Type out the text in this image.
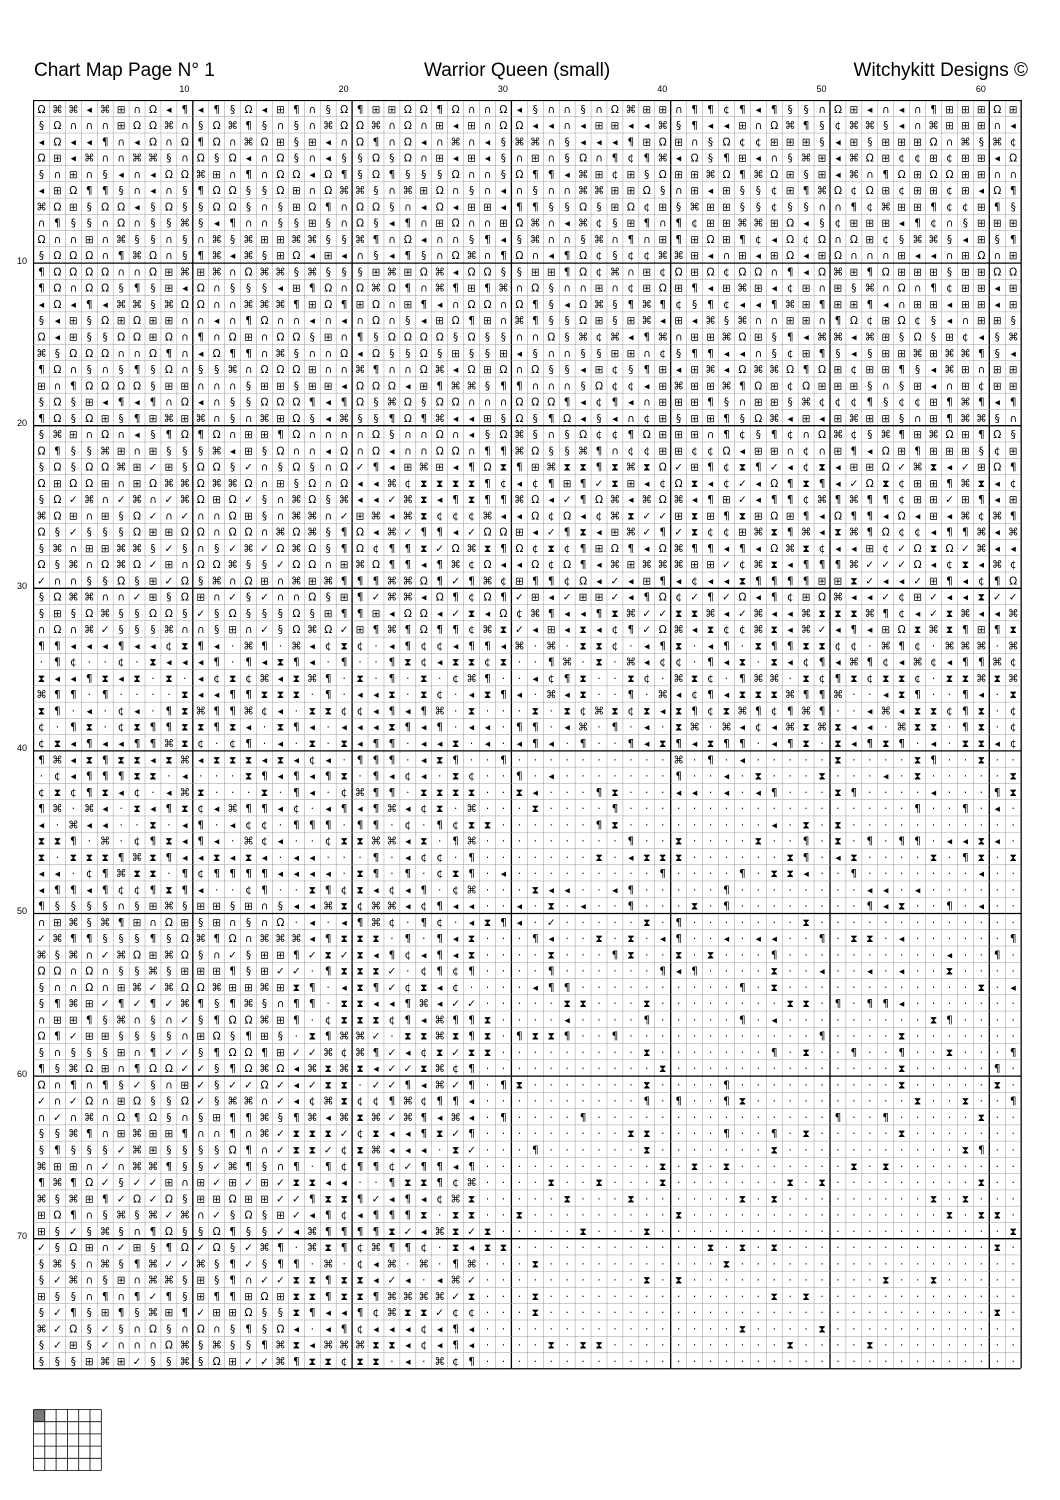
Chart Map Page N° 1	Warrior Queen (small)	Witchykitt Designs ©
10	20	30	40	50	60
10
20
30
40
50
60
70
Ω ⌘ ⌘ ◂ ⌘ ⊞ ∩ Ω ◂ ¶ ◂ ¶ § Ω ◂ ⊞ ¶ ∩ § Ω ¶ ⊞ ⊞ Ω Ω ¶ Ω ∩ ∩ Ω ◂ § ∩ ∩ § ∩ Ω ⌘ ⊞ ⊞ ∩ ¶ ¶ ¢ ¶ ◂ ¶ § § ∩ Ω ⊞ ◂ ∩ ◂ ∩ ¶ ⊞ ⊞ ⊞ Ω ⊞
§ Ω ∩ ∩ ∩ ⊞ Ω Ω ⌘ ∩ § Ω ⌘ ¶ § ∩ § ∩ ⌘ Ω Ω ⌘ ∩ Ω ∩ ⊞ ◂ ⊞ ∩ Ω Ω ◂ ◂ ∩ ◂ ⊞ ⊞ ◂ ◂ ⌘ § ¶ ◂ ◂ ⊞ ∩ Ω ⌘ ¶ § ¢ ⌘ ⌘ § ◂ ∩ ⌘ ⊞ ⊞ ⊞ ∩ ◂
◂ Ω ◂ ◂ ¶ ∩ ◂ Ω ∩ Ω ¶ Ω ∩ ⌘ Ω ⊞ § ⊞ ◂ ∩ Ω ¶ ∩ Ω ◂ ∩ ⌘ ∩ ◂ § ⌘ ⌘ ∩ § ◂ ◂ ◂ ¶ ⊞ Ω ⊞ ∩ § Ω ¢ ¢ ⊞ ⊞ ⊞ § ◂ ⊞ § ⊞ ⊞ ⊞ Ω ∩ ⌘ § ⌘ ¢
Ω ⊞ ◂ ⌘ ∩ ∩ ⌘ ⌘ § ∩ Ω § Ω ◂ ∩ Ω § ∩ ◂ § § Ω § Ω ∩ ⊞ ◂ ⊞ ◂ § ∩ ⊞ ∩ § Ω ∩ ¶ ¢ ¶ ⌘ ◂ Ω § ¶ ⊞ ◂ ∩ § ⌘ ⊞ ◂ ⌘ Ω ⊞ ¢ ¢ ⊞ ¢ ⊞ ⊞ ◂ Ω
§ ∩ ⊞ ∩ § ◂ ∩ ◂ Ω Ω ⌘ ⊞ ∩ ¶ ∩ Ω Ω ◂ Ω ¶ § Ω ¶ § § § Ω ∩ ∩ § Ω ¶ ¶ ◂ ⌘ ⊞ ¢ ⊞ § Ω ⊞ ⊞ ⌘ Ω ¶ ⌘ Ω ⊞ § ⊞ ◂ ⌘ ∩ ¶ Ω ⊞ Ω Ω ⊞ ⊞ ∩ ∩
◂ ⊞ Ω ¶ ¶ § ∩ ◂ ∩ § ¶ Ω Ω § § Ω ⊞ ∩ Ω ⌘ ⌘ § ∩ ⌘ ⊞ Ω ∩ § ∩ ◂ ∩ § ∩ ∩ ⌘ ⌘ ⊞ ⊞ Ω § ∩ ⊞ ◂ ⊞ § § ¢ ⊞ ¶ ⌘ Ω ¢ Ω ⊞ ¢ ⊞ ⊞ ¢ ⊞ ◂ Ω ¶
⌘ Ω ⊞ § Ω Ω ◂ § Ω § § Ω Ω § ∩ § ⊞ Ω ¶ ∩ Ω Ω § ∩ ◂ Ω ◂ ⊞ ⊞ ◂ ¶ ¶ § § Ω § ⊞ Ω ¢ ⊞ § ⌘ ⊞ ⊞ § § ¢ § § ∩ ∩ ¶ ¢ ⌘ ⊞ ⊞ ¶ ¢ ¢ ⊞ ¶ §
∩ ¶ § § ∩ Ω ∩ § § ⌘ § ◂ ¶ ∩ ∩ § § ⊞ § ∩ Ω § ◂ ¶ ∩ ⊞ Ω ∩ ∩ ⊞ Ω ⌘ ∩ ◂ ⌘ ¢ § ⊞ ¶ ∩ ¶ ¢ ⊞ ⊞ ⌘ ⌘ ⊞ Ω ◂ § ¢ ⊞ ⊞ ⊞ ◂ ¶ ¢ ∩ § ⊞ ⊞ ⊞
Ω ∩ ∩ ⊞ ∩ ⌘ § § ∩ § ∩ ⌘ § ⌘ ⊞ ⊞ ⌘ ⌘ § § ⌘ ¶ ∩ Ω ◂ ∩ ∩ § ¶ ◂ § ⌘ ∩ ∩ § ⌘ ∩ ¶ ∩ ⊞ ¶ ⊞ Ω ⊞ ¶ ¢ ◂ Ω ¢ Ω ∩ Ω ⊞ ¢ § ⌘ ⌘ § ◂ ⊞ § ¶
§ Ω Ω Ω ∩ ¶ ⌘ Ω ∩ § ¶ ⌘ ◂ ⌘ § ⊞ Ω ◂ ⊞ ◂ ∩ § ◂ ¶ § ∩ Ω ⌘ ∩ ¶ Ω ∩ ◂ ¶ Ω ¢ § ¢ ¢ ⌘ ⌘ ⊞ ◂ ∩ ⊞ ◂ ⊞ Ω ◂ ⊞ Ω ∩ ∩ ∩ ⊞ ◂ ◂ ∩ ⊞ Ω ∩ ⊞
¶ Ω Ω Ω Ω ∩ ∩ Ω ⊞ ⌘ ⊞ ⌘ ∩ Ω ⌘ ⌘ § ⌘ § § § ⊞ ⌘ ⊞ Ω ⌘ ◂ Ω Ω § § ⊞ ⊞ ¶ Ω ¢ ⌘ ∩ ⊞ ¢ Ω ⊞ Ω ¢ Ω Ω ∩ ¶ ◂ Ω ⌘ ⊞ ¶ Ω ⊞ ⊞ ⊞ § ⊞ ⊞ Ω Ω
¶ Ω ∩ Ω Ω § ¶ § ⊞ ◂ Ω ∩ § § § ◂ ⊞ ¶ Ω ∩ Ω ⌘ Ω ¶ ∩ ⌘ ¶ ⊞ ¶ ⌘ ∩ Ω § ∩ ∩ ⊞ ∩ ¢ ⊞ Ω ⊞ ¶ ◂ ⊞ ⌘ ⊞ ◂ ¢ ⊞ ∩ ⊞ § ⌘ ∩ Ω ∩ ¶ ¢ ⊞ ⊞ ◂ ⊞
◂ Ω ◂ ¶ ◂ ⌘ ⌘ § ⌘ Ω Ω ∩ ∩ ⌘ ⌘ ⌘ ¶ ⊞ Ω ¶ ⊞ Ω ∩ ⊞ ¶ ◂ ∩ Ω Ω ∩ Ω ¶ § ◂ Ω ⌘ § ¶ ⌘ ¶ ¢ § ¶ ¢ ◂ ◂ ¶ ⌘ ⊞ ¶ ⊞ ⊞ ¶ ◂ ∩ ⊞ ⊞ ◂ ⊞ ⊞ ◂ ⊞
§ ◂ ⊞ § Ω ⊞ Ω ⊞ ⊞ ∩ ∩ ◂ ∩ ¶ Ω ∩ ∩ ◂ ∩ ◂ ∩ Ω ∩ § ◂ ⊞ Ω ¶ ⊞ ∩ ⌘ ¶ § § Ω ⊞ § ⊞ ⌘ ◂ ⊞ ◂ ⌘ § ⌘ ∩ ∩ ⊞ ⊞ ∩ ¶ Ω ¢ ⊞ Ω ¢ § ◂ ∩ ⊞ ⊞ §
Ω ◂ ⊞ § § Ω Ω ⊞ Ω ∩ ¶ ∩ Ω ⊞ ∩ Ω Ω § ⊞ ∩ ¶ § Ω Ω Ω Ω § Ω § § ∩ ∩ Ω § ⌘ ¢ ⌘ ◂ ¶ ⌘ ∩ ⊞ ⊞ ⌘ Ω ⊞ § ¶ ◂ ⌘ ⌘ ◂ ⌘ ⊞ § Ω § ⊞ ¢ ◂ § ⌘
⌘ § Ω Ω Ω ∩ ∩ Ω ¶ ∩ ◂ Ω ¶ ¶ ∩ ⌘ § ∩ ∩ Ω ◂ Ω § § Ω § ⊞ § § ⊞ ◂ § ∩ ∩ § § ⊞ ⊞ ∩ ¢ § ¶ ¶ ◂ ◂ ∩ § ¢ ⊞ ¶ § ◂ § ⊞ ⊞ ⌘ ⊞ ⌘ ⌘ ¶ § ◂
¶ Ω ∩ § ∩ § ¶ § Ω ∩ § § ⌘ ∩ Ω Ω Ω ⊞ ∩ ∩ ⌘ ¶ ∩ ∩ Ω ⌘ ◂ Ω ⊞ Ω ∩ Ω § § ◂ ⊞ ¢ § ¶ ⊞ ◂ ⊞ ⌘ ◂ Ω ⌘ ⌘ Ω ¶ Ω ⊞ ¢ ⊞ ⊞ ¶ § ◂ ⌘ ⊞ ∩ ⊞ ⊞
⊞ ∩ ¶ Ω Ω Ω Ω § ⊞ ⊞ ∩ ∩ ∩ § ⊞ ⊞ § ⊞ ⊞ ◂ Ω Ω Ω ◂ ⊞ ¶ ⌘ ⌘ § ¶ ¶ ∩ ∩ ∩ § Ω ¢ ¢ ◂ ⊞ ⌘ ⊞ ⊞ ⌘ ¶ Ω ⊞ ¢ Ω ⊞ ⊞ ⊞ § ∩ § ⊞ ◂ ∩ ⊞ ¢ ⊞ ⊞
§ Ω § ⊞ ◂ ¶ ◂ ¶ ∩ Ω ◂ ∩ § § Ω Ω Ω ¶ ◂ ¶ Ω § ⌘ Ω § Ω Ω ∩ ∩ ∩ Ω Ω Ω ¶ ◂ ¢ ¶ ◂ ∩ ⊞ ⊞ ⊞ ¶ § ∩ ⊞ ⊞ § ⌘ ¢ ¢ ¢ ¶ § ¢ ¢ ⊞ ¶ ⌘ ¶ ◂ ¶
¶ Ω § Ω ⊞ § ¶ ⊞ ⌘ ⊞ ⌘ ∩ § ∩ ⌘ ⊞ Ω § ◂ ⌘ § § ¶ Ω ¶ ⌘ ◂ ◂ ⊞ § Ω § ¶ Ω ◂ § ◂ ∩ ¢ ⊞ § ⊞ ⊞ ¶ § Ω ⌘ ◂ ⊞ ◂ ⊞ ⌘ ⊞ ⊞ § ∩ ⊞ ¶ ⌘ ⌘ § ∩
§ ⌘ ⊞ ∩ Ω ∩ ◂ § ¶ Ω ¶ Ω ∩ ⊞ ⊞ ¶ Ω ∩ ∩ ∩ ∩ Ω § ∩ ∩ Ω ∩ ◂ § Ω ⌘ § ∩ § Ω ¢ ¢ ¶ Ω ⊞ ⊞ ⊞ ∩ ¶ ¢ § ¶ ¢ ∩ Ω ⌘ ¢ § ⌘ ¶ ⊞ ⌘ Ω ⊞ ¶ Ω §
Ω ¶ § § ⌘ ⊞ ∩ ⊞ § § § ⌘ ◂ ⊞ § Ω ∩ ∩ ◂ Ω ∩ Ω ◂ ∩ ∩ Ω Ω ∩ ¶ ¶ ⌘ Ω § § ⌘ ¶ ∩ ¢ ¢ ⊞ ⊞ ¢ ¢ Ω ◂ ⊞ ⊞ ∩ ¢ ∩ ⊞ ¶ ◂ Ω ⊞ ¶ ⊞ ⊞ ⊞ § ¢ ⊞
§ Ω § Ω Ω ⌘ ⊞ ✓ ⊞ § Ω Ω § ✓ ∩ § Ω § ∩ Ω ✓ ¶ ◂ ⊞ ⌘ ⊞ ◂ ¶ Ω ⧗ ¶ ⊞ ⌘ ⧗ ⧗ ¶ ⧗ ⌘ ⧗ Ω ✓ ⊞ ¶ ¢ ⧗ ¶ ✓ ◂ ¢ ⧗ ◂ ⊞ ⊞ Ω ✓ ⌘ ⧗ ◂ ✓ ⊞ Ω ¶
Ω ⊞ Ω Ω ⊞ ∩ ⊞ Ω ⌘ ⌘ Ω ⌘ ⌘ Ω ∩ ⊞ § Ω ∩ Ω ◂ ◂ ⌘ ¢ ⧗ ⧗ ⧗ ⧗ ¶ ¢ ◂ ¢ ¶ ⊞ ¶ ✓ ⧗ ⊞ ◂ ¢ Ω ⧗ ◂ ¢ ✓ ◂ Ω ¶ ⧗ ¶ ◂ ✓ Ω ⧗ ¢ ⊞ ⊞ ¶ ⌘ ⧗ ◂ ¢
§ Ω ✓ ⌘ ∩ ✓ ⌘ ∩ ✓ ⌘ Ω ⊞ Ω ✓ § ∩ ⌘ Ω § ⌘ ◂ ◂ ✓ ⌘ ⧗ ◂ ¶ ⧗ ¶ ¶ ⌘ Ω ◂ ✓ ¶ Ω ⌘ ◂ ⌘ Ω ⌘ ◂ ¶ ⊞ ✓ ◂ ¶ ¶ ¢ ⌘ ¶ ⌘ ¶ ¶ ¢ ⊞ ⊞ ✓ ⊞ ¶ ◂ ⊞
⌘ Ω ⊞ ∩ ⊞ § Ω ✓ ∩ ✓ ∩ ∩ Ω ⊞ § ∩ ⌘ ⌘ ∩ ✓ ⊞ ⌘ ◂ ⌘ ⧗ ¢ ¢ ¢ ⌘ ◂ ◂ Ω ¢ Ω ◂ ¢ ⌘ ⧗ ✓ ✓ ⊞ ⧗ ⊞ ¶ ⧗ ⊞ Ω ⊞ ¶ ◂ Ω ¶ ¶ ◂ Ω ◂ ⊞ ◂ ⌘ ¢ ⌘ ¶
Ω § ✓ § § § Ω ⊞ ⊞ Ω Ω ∩ Ω Ω ∩ ⌘ Ω ⌘ § ¶ Ω ◂ ⌘ ✓ ¶ ¶ ◂ ✓ Ω Ω ⊞ ◂ ✓ ¶ ⧗ ◂ ⊞ ⌘ ✓ ¶ ✓ ⧗ ¢ ¢ ⊞ ⌘ ⧗ ¶ ⌘ ◂ ⧗ ⌘ ¶ Ω ¢ ¢ ◂ ¶ ¶ ⌘ ◂ ⌘
§ ⌘ ∩ ⊞ ⊞ ⌘ ⌘ § ✓ § ∩ § ✓ ⌘ ✓ Ω ⌘ Ω § ¶ Ω ¢ ¶ ¶ ⧗ ✓ Ω ⌘ ⧗ ¶ Ω ¢ ⧗ ¢ ¶ ⊞ Ω ¶ ◂ Ω ⌘ ¶ ¶ ◂ ¶ ◂ Ω ⌘ ⧗ ¢ ◂ ◂ ⊞ ¢ ✓ Ω ⧗ Ω ✓ ⌘ ◂ ◂
Ω § ⌘ ∩ Ω ⌘ Ω ✓ ⊞ ∩ Ω Ω ⌘ § § ✓ Ω Ω ∩ ⊞ ⌘ Ω ¶ ¶ ◂ ¶ ⌘ ¢ Ω ◂ ◂ Ω ¢ Ω ¶ ◂ ⌘ ⊞ ⌘ ⌘ ⌘ ⊞ ⊞ ✓ ¢ ⌘ ⧗ ◂ ¶ ¶ ¶ ⌘ ✓ ✓ ✓ Ω ◂ ¢ ⧗ ◂ ⌘ ¢
✓ ∩ ∩ § § Ω § ⊞ ✓ Ω § ⌘ ∩ Ω ⊞ ∩ ⌘ ⊞ ⌘ ¶ ¶ ¶ ⌘ ⌘ Ω ¶ ✓ ¶ ⌘ ¢ ⊞ ¶ ¶ ¢ Ω ◂ ✓ ◂ ⊞ ¶ ◂ ¢ ◂ ◂ ⧗ ¶ ¶ ¶ ¶ ⊞ ⊞ ⧗ ✓ ◂ ◂ ✓ ⊞ ¶ ◂ ¢ ¶ Ω
§ Ω ⌘ ⌘ ∩ ∩ ✓ ⊞ § Ω ⊞ ∩ ✓ § ✓ ∩ ∩ Ω § ⊞ ¶ ✓ ⌘ ⌘ ◂ Ω ¶ ¢ Ω ¶ ✓ ⊞ ◂ ✓ ⊞ ⊞ ✓ ◂ ¶ Ω ¢ ✓ ¶ ✓ Ω ◂ ¶ ¢ ⊞ Ω ⌘ ◂ ◂ ✓ ¢ ⊞ ✓ ◂ ◂ ⧗ ✓ ✓
§ ⊞ § Ω ⌘ § § Ω Ω § ✓ § Ω § § § Ω § ⊞ ¶ ¶ ⊞ ◂ Ω Ω ◂ ✓ ⧗ ◂ Ω ¢ ⌘ ¶ ◂ ◂ ¶ ⧗ ⌘ ✓ ✓ ⧗ ⧗ ⌘ ◂ ✓ ⌘ ◂ ◂ ⌘ ⧗ ⧗ ⧗ ⌘ ¶ ¢ ◂ ✓ ⧗ ⌘ ◂ ◂ ⌘
∩ Ω ∩ ⌘ ✓ § § § ⌘ ∩ ∩ § ⊞ ∩ ✓ § Ω ⌘ Ω ✓ ⊞ ¶ ⌘ ¶ Ω ¶ ¶ ¢ ⌘ ⧗ ✓ ◂ ⊞ ◂ ⧗ ◂ ¢ ¶ ✓ Ω ⌘ ◂ ⧗ ¢ ¢ ⌘ ⧗ ◂ ⌘ ✓ ◂ ¶ ◂ ⊞ Ω ⧗ ⌘ ⧗ ¶ ⊞ ¶ ⧗
¶ ¶ ◂ ◂ ◂ ¶ ◂ ◂ ¢ ⧗ ¶ ◂ · ⌘ ¶ · ⌘ ◂ ¢ ⧗ ¢ · ◂ ¶ ¢ ¢ ◂ ¶ ¶ ◂ ⌘ · ⌘ · ⧗ ⧗ ¢ · ◂ ¶ ⧗ · ◂ ¶ · ⧗ ¶ ¶ ⧗ ⧗ ¢ ¢ · ⌘ ¶ ¢ · ⌘ ⌘ ⌘ · ⌘
· ¶ ¢ · · ¢ · ⧗ ◂ ◂ ◂ ¶ · ¶ ◂ ⧗ ¶ ◂ · ¶ · · ¶ ⧗ ¢ ◂ ⧗ ⧗ ¢ ⧗ · · ¶ ⌘ · ⧗ · ⌘ ◂ ¢ ¢ · ¶ ◂ ⧗ · ⧗ ◂ ¢ ¶ ◂ ⌘ ¶ ¢ ◂ ⌘ ¢ ◂ ¶ ¶ ⌘ ¢
⧗ ◂ ◂ ¶ ⧗ ◂ ⧗ · ⧗ · ◂ ¢ ⧗ ¢ ⌘ ◂ ⧗ ⌘ ¶ · ⧗ · ¶ · ⧗ · ¢ ⌘ ¶ · · ◂ ¢ ¶ ⧗ · · ⧗ ¢ · ⌘ ⧗ ¢ · ¶ ⌘ ⌘ · ⧗ ¢ ¶ ⧗ ¢ ⧗ ⧗ ¢ · ⧗ ⧗ ⌘ ⧗ ⌘
⌘ ¶ ¶ · ¶ · · · · ⧗ ◂ ◂ ¶ ¶ ⧗ ⧗ ⧗ · ¶ · ◂ ◂ ⧗ · ⧗ ¢ · ◂ ⧗ ¶ ◂ · ⌘ ◂ ⧗ · · ¶ · ⌘ ◂ ¢ ¶ ◂ ⧗ ⧗ ⧗ ⌘ ¶ ¶ ⌘ · · ◂ ⧗ ¶ · · ¶ ◂ · ⧗
⧗ ¶ · ◂ · ¢ ◂ · ¶ ⧗ ⌘ ¶ ¶ ⌘ ¢ ◂ · ⧗ ⧗ ¢ ¢ ◂ ¶ ◂ ¶ ⌘ · ⧗ · · · ⧗ · ⧗ ¢ ⌘ ⧗ ¢ ⧗ ◂ ⧗ ¶ ¢ ⧗ ⌘ ¶ ¢ ¶ ⌘ ¶ · · ◂ ⌘ ◂ ⧗ ⧗ ¢ ¶ ⧗ · ¢
¢ · ¶ ⧗ · ¢ ⧗ ¶ ¶ ⧗ ⧗ ¶ ⧗ ◂ · ⧗ ¶ ◂ · ◂ ◂ ◂ ⧗ ¶ ◂ ¶ · ◂ ◂ · ¶ ¶ · ◂ ⌘ · ¶ · ◂ · ⧗ ⌘ · ⌘ ◂ ¢ ◂ ⌘ ⧗ ⌘ ⧗ ◂ ◂ · ⌘ ⧗ ⧗ · ¶ ⧗ · ¢
¢ ⧗ ◂ ¶ ◂ ◂ ¶ ¶ ⌘ ⧗ ¢ · ¢ ¶ · ◂ · ⧗ · ⧗ ◂ ¶ ¶ · ◂ ◂ ⧗ · ◂ · ◂ ¶ ◂ · ¶ · · ¶ ◂ ⧗ ¶ ◂ ⧗ ¶ ¶ · ◂ ¶ ⧗ · ⧗ ◂ ¶ ⧗ ¶ · ◂ · ⧗ ⧗ ◂ ¢
¶ ⌘ ◂ ⧗ ¶ ⧗ ⧗ ◂ ⧗ ⌘ ◂ ⧗ ⧗ ⧗ ◂ ⧗ ◂ ¢ ◂ · ¶ ¶ ¶ · ◂ ⧗ ¶ · · ¶ · · · · · · · · · · ⌘ · ¶ · ◂ · · · · · ⧗ · · · · ⧗ ¶ · · ⧗ · ·
· ¢ ◂ ¶ ¶ ¶ ⧗ ⧗ · ◂ · · · ⧗ ¶ ◂ ¶ ◂ ¶ ⧗ · ¶ ◂ ¢ ◂ · ⧗ ¢ · · ¶ · ◂ · · · · · · · ¶ · · ◂ · ⧗ · · · ⧗ · · · ◂ · ⧗ · · · · · ⧗
¢ ⧗ ¢ ¶ ⧗ ◂ ¢ · ◂ ⌘ ⧗ · · · ⧗ · ¶ ◂ · ¢ ⌘ ¶ ¶ · ⧗ ⧗ ⧗ ⧗ · · ⧗ ◂ · · · ¶ ⧗ · · · ◂ ◂ · ◂ · ◂ ¶ · · · ⧗ ¶ · · · · ◂ · · · ¶ ⧗
¶ ⌘ · ⌘ ◂ · ⧗ ◂ ¶ ⧗ ¢ ◂ ⌘ ¶ ¶ ◂ ¢ · ◂ ¶ ◂ ¶ ⌘ ◂ ¢ ⧗ · ⌘ · · · ⧗ · · · · ¶ · · · · · · · · · · · · · · · · · · ¶ · · ¶ · ◂ ·
◂ · ⌘ ◂ ◂ · · ⧗ · ◂ ¶ · ◂ ¢ ¢ · ¶ ¶ ¶ · ¶ ¶ · ¢ · ¶ ¢ ⧗ ⧗ · · · · · · ¶ ⧗ · · · · · · · · · ◂ · ⧗ · ⧗ · · · · · · · · · · ·
⧗ ⧗ ¶ · ⌘ · ¢ ¶ ⧗ ◂ ¶ ◂ · ⌘ ¢ ◂ · · ¢ ⧗ ⧗ ⌘ ⌘ ◂ ⧗ · ¶ ⌘ · · · · · · · · · ¶ · · ⧗ · · · · ⧗ · · ¶ · ⧗ · ¶ · ¶ ¶ · ◂ ◂ ⧗ ◂ ·
⧗ · ⧗ ⧗ ⧗ ¶ ⌘ ⧗ ¶ ◂ ◂ ⧗ ◂ ⧗ ◂ · ◂ ◂ · · · ¶ · ◂ ¢ ¢ · ¶ · · · · · · · ⧗ · ◂ ⧗ ⧗ ⧗ · · · · · · ⧗ ¶ · ◂ ⧗ · · · · ⧗ · ¶ ⧗ · ⧗
◂ ◂ · ¢ ¶ ⌘ ⧗ ⧗ · ¶ ¢ ¶ ¶ ¶ ¶ ◂ ◂ ◂ ◂ · ⧗ ¶ · ¶ · ¢ ⧗ ¶ · ◂ · · · · · · · · · ¶ · · · · ¶ · ⧗ ⧗ ◂ · · ¶ · · · · · · · ◂ · ·
◂ ¶ ¶ ◂ ¶ ¢ ¢ ¶ ⧗ ¶ ◂ · · ¢ ¶ · · ⧗ ¶ ¢ ⧗ ◂ ¢ ◂ ¶ · ¢ ⌘ · · · ⧗ ◂ ◂ · · ◂ ¶ · · · · · ¶ · · · · · · · · ◂ ◂ · ◂ · · · · · ·
¶ § § § § ∩ § ⊞ ⌘ § ⊞ ⊞ § ⊞ ∩ § ◂ ◂ ⌘ ⧗ ¢ ⌘ ⌘ ◂ ¢ ¶ ◂ ◂ · · ◂ · ⧗ · ◂ · · ¶ · · · ⧗ · ¶ · · · · · · · · ¶ ◂ ⧗ · · ¶ · ◂ · ·
∩ ⊞ ⌘ § ⌘ ¶ ⊞ ∩ Ω ⊞ § ⊞ ∩ § ∩ Ω · ◂ · ◂ ¶ ⌘ ¢ · ¶ ¢ · ◂ ⧗ ¶ ◂ · ✓ · · · · · ⧗ · ¶ · · · · · · · ⧗ · · · · · · · · · · · · ·
✓ ⌘ ¶ ¶ § § § ¶ § Ω ⌘ ¶ Ω ∩ ⌘ ⌘ ⌘ ◂ ¶ ⧗ ⧗ ⧗ · ¶ · ¶ ◂ ⧗ · · · ¶ ◂ · · ⧗ · ⧗ · ◂ ¶ · · ◂ · ◂ ◂ · · ¶ · ⧗ ⧗ · ◂ · · · · · · ¶
⌘ § ⌘ ∩ ✓ ⌘ Ω ⊞ ⌘ Ω § ∩ ✓ § ⊞ ⊞ ¶ ✓ ⧗ ✓ ⧗ ◂ ¶ ¢ ◂ ¶ ◂ ⧗ · · · · ⧗ · · · ¶ ⧗ · · ⧗ · ⧗ · · · ¶ · · · · · · · · · · ◂ · · ¶ ·
Ω Ω ∩ Ω ∩ § § ⌘ § ⊞ ⊞ ⊞ ¶ § ⊞ ✓ ✓ · ¶ ⧗ ⧗ ⧗ ✓ · ¢ ¶ ¢ ¶ · · · · ¶ · · · · · · ¶ ◂ ¶ · · · · ⧗ · · ◂ · · ◂ · ◂ · · ⧗ · · · ·
§ ∩ ∩ Ω ∩ ⊞ ⌘ ✓ ⌘ Ω Ω ⌘ ⊞ ⊞ ⌘ ⊞ ⧗ ¶ · ◂ ⧗ ¶ ✓ ¢ ⧗ ◂ ¢ · · · · ◂ ¶ ¶ · · · · · · · · · · ¶ · ⧗ · · · · · · · · · · · · ⧗ · ◂
§ ¶ ⌘ ⊞ ✓ ¶ ✓ ¶ ✓ ⌘ ¶ § ¶ ⌘ § ∩ ¶ ¶ · ⧗ ⧗ ◂ ◂ ¶ ⌘ ◂ ✓ ✓ · · · · · ⧗ ⧗ · · · ⧗ · · · · · · · · ⧗ ⧗ · ¶ · ¶ ¶ ◂ · · · · · · ·
∩ ⊞ ⊞ ¶ § ⌘ ∩ § ∩ ✓ § ¶ Ω Ω ⌘ ⊞ ¶ · ¢ ⧗ ⧗ ⧗ ¢ ¶ ◂ ⌘ ¶ ¶ ⧗ · · · · ◂ · · · · ¶ · · · · · ¶ · ◂ · · · · · · · · · ⧗ ¶ · · · ·
Ω ¶ ✓ ⊞ ⊞ § § § § ∩ ⊞ Ω § ¶ ⊞ § · ⧗ ¶ ⌘ ⌘ ✓ · ⧗ ⧗ ⌘ ⧗ ¶ ⧗ · ¶ ⧗ ⧗ ¶ · · ¶ · · · · · · · · · · · · ¶ · · · · ⧗ · · · · · · ·
§ ∩ § § § ⊞ ∩ ¶ ✓ ✓ § ¶ Ω Ω ¶ ⊞ ✓ ✓ ⌘ ¢ ⌘ ¶ ✓ ◂ ¢ ⧗ ✓ ⧗ ⧗ · · · · · · · · · ⧗ · · · · · · · ¶ · ⧗ · · ¶ · · ¶ · · ⧗ · · · ¶
¶ § ⌘ Ω ⊞ ∩ ¶ Ω Ω ✓ ✓ § ¶ Ω ⌘ Ω ◂ ⌘ ⧗ ⌘ ⧗ ◂ ✓ ✓ ⧗ ⌘ ¢ ¶ · · · · · · · · · · · ⧗ · · · · · · · · · · · · · · ⧗ · · · · · ¶ ·
Ω ∩ ¶ ∩ ¶ § ✓ § ∩ ⊞ ✓ § ✓ ✓ Ω ✓ ◂ ✓ ⧗ ⧗ · ✓ ✓ ¶ ◂ ⌘ ✓ ¶ · ¶ ⧗ · · · · · · · ⧗ · · · · ¶ · · · · · · · · · · ⧗ · · · · · ⧗ ·
✓ ∩ ✓ Ω ∩ ⊞ Ω § § Ω ✓ § ⌘ ⌘ ∩ ✓ ◂ ¢ ⌘ ⧗ ¢ ¢ ¶ ⌘ ¢ ¶ ¶ ◂ · · · · · · · · · · ¶ · ¶ · · ¶ ⧗ · · · · · · · · · · ⧗ · · ⧗ · · ¶
∩ ✓ ∩ ⌘ ∩ Ω ¶ Ω § ∩ § ⊞ ¶ ¶ ⌘ § ¶ ⌘ ◂ ⌘ ⧗ ⌘ ✓ ⌘ ¶ ◂ ⌘ ◂ · ¶ · · · · ¶ · · · · · · · · · · · · · · · ¶ · · ¶ · · · · · ⧗ · ·
§ § ⌘ ¶ ∩ ⊞ ⌘ ⊞ ⊞ ¶ ∩ ∩ ¶ ∩ ⌘ ✓ ⧗ ⧗ ⧗ ✓ ¢ ⧗ ◂ ◂ ¶ ⧗ ✓ ¶ · · · · · · · · · ⧗ ⧗ · · · · ¶ · · ¶ · ⧗ · · · · · ⧗ · · · · · · ·
§ ¶ § § § ✓ ⌘ ⊞ § § § § Ω ¶ ∩ ✓ ⧗ ⧗ ✓ ¢ ⧗ ⌘ ◂ ◂ ◂ · ⧗ ✓ · · · ¶ · · · · · · ⧗ · · · · · · · ⧗ · · · · · · · · · · · ⧗ ¶ · ·
⌘ ⊞ ⊞ ∩ ✓ ∩ ⌘ ⌘ ¶ § § ✓ ⌘ ¶ § ∩ ¶ · ¶ ¢ ¶ ¶ ¢ ✓ ¶ ¶ ◂ ¶ · · · · · · · · · · · ⧗ · ⧗ · ⧗ · · · · · · · ⧗ · ⧗ · · · · · · · ·
¶ ⌘ ¶ Ω ✓ § ✓ ✓ ⊞ ∩ ⊞ ✓ ⊞ ✓ ⊞ ✓ ⧗ ⧗ ◂ ◂ · · ¶ ⧗ ⧗ ¶ ¢ ⌘ · · · · ⧗ · · ⧗ · · · ⧗ · · · · · · · ⧗ · ⧗ · · · · · · · · · ⧗ · ·
⌘ § ⌘ ⊞ ¶ ✓ Ω ✓ Ω § ⊞ ⊞ Ω ⊞ ⊞ ✓ ✓ ¶ ⧗ ⧗ ¶ ✓ ◂ ¶ ◂ ¢ ⌘ ⧗ · · · · · ⧗ · · · ⧗ · · · · · · ⧗ · ⧗ · · · · · · · · · ⧗ · ⧗ · · ·
⊞ Ω ¶ ∩ § ⌘ § ⌘ ✓ ⌘ ∩ ✓ § Ω § ⊞ ✓ ◂ ¶ ¢ ◂ ¶ ¶ ¶ ⧗ · ⧗ ⧗ · · ⧗ · · · · · · · · · ⧗ · · · · · · · · · · · · · · · · ⧗ · ⧗ ⧗ ·
⊞ § ✓ § ⌘ § ∩ ¶ Ω § § Ω ¶ § § ✓ ◂ ⌘ ¶ ¶ ¶ ¶ ⧗ ✓ ◂ ⌘ ⧗ ✓ ⧗ · · · · · ⧗ · · · ⧗ · · · · · · · · · · · · · · · · · · · · · · ⧗
✓ § Ω ⊞ ∩ ✓ ⊞ § ¶ Ω ✓ Ω § ✓ ⌘ ¶ · ⌘ ⧗ ¶ ¢ ⌘ ¶ ¶ ¢ · ⧗ ◂ ⧗ ⧗ · · · · · · · · · · · · ⧗ · ⧗ · ⧗ · · · · · · · · · · · · · ⧗ ·
§ ⌘ § ∩ ⌘ § ¶ ⌘ ✓ ✓ ⌘ § ¶ ✓ § ¶ ¶ · ⌘ · ¢ ◂ ⌘ · ⌘ · ¶ ⌘ · · · ⧗ · · · · · · · · · · · ⧗ · · · · · · · · · · · · · · · · · ·
§ ✓ ⌘ ∩ § ⊞ ∩ ⌘ ⌘ § ⊞ § ¶ ∩ ✓ ✓ ⧗ ⧗ ¶ ⧗ ⧗ ◂ ✓ ◂ · ◂ ⌘ ✓ · · · · · · · · · · ⧗ · ⧗ · · · · · · · · · · · · ⧗ · · ⧗ · · · · ·
⊞ § § ∩ ¶ ∩ ¶ ✓ ¶ § ⊞ ¶ ¶ ⊞ Ω ⊞ ⧗ ⧗ ¶ ⧗ ⧗ ¶ ⌘ ⌘ ⌘ ⌘ ✓ ⧗ · · · ⧗ · · · · · · · · · · · · · · ⧗ · ⧗ · · · · · · · · · · · · ·
§ ✓ ¶ § ⊞ ¶ § ⌘ ⊞ ¶ ✓ ⊞ ⊞ Ω § § ⧗ ¶ ◂ ◂ ¶ ¢ ⌘ ⧗ ⧗ ✓ ¢ ¢ · · · ⧗ · · · · · · · · · · · · · · · · · · · · · · · · · · · · ⧗ ·
⌘ ✓ Ω § ✓ § ∩ Ω § ∩ Ω ∩ § ¶ § Ω ◂ · ◂ ¶ ¢ ◂ ◂ ◂ ¢ ◂ ¶ ◂ · · · · · · · · · · · · · · · · ⧗ · · · · ⧗ · · · · · · · · · · · ·
§ ✓ ⊞ § ✓ ∩ ∩ ∩ Ω ⌘ § ⌘ § § ¶ ⌘ ⧗ ◂ ⌘ ⌘ ⌘ ⧗ ⧗ ◂ ¢ ◂ ¶ ◂ · · · · ⧗ · ⧗ ⧗ · · · · · · · · · · · ⧗ · · · · ⧗ · · · · · · · · ·
§ § § ⊞ ⌘ ⊞ ✓ § § ⌘ § Ω ⊞ ✓ ✓ ⌘ ¶ ⧗ ⧗ ¢ ⧗ ⧗ · ◂ · ⌘ ¢ ¶ · · · · · · · · · · · · · · · · · · · · · · · · · · · · · · · · · ·
